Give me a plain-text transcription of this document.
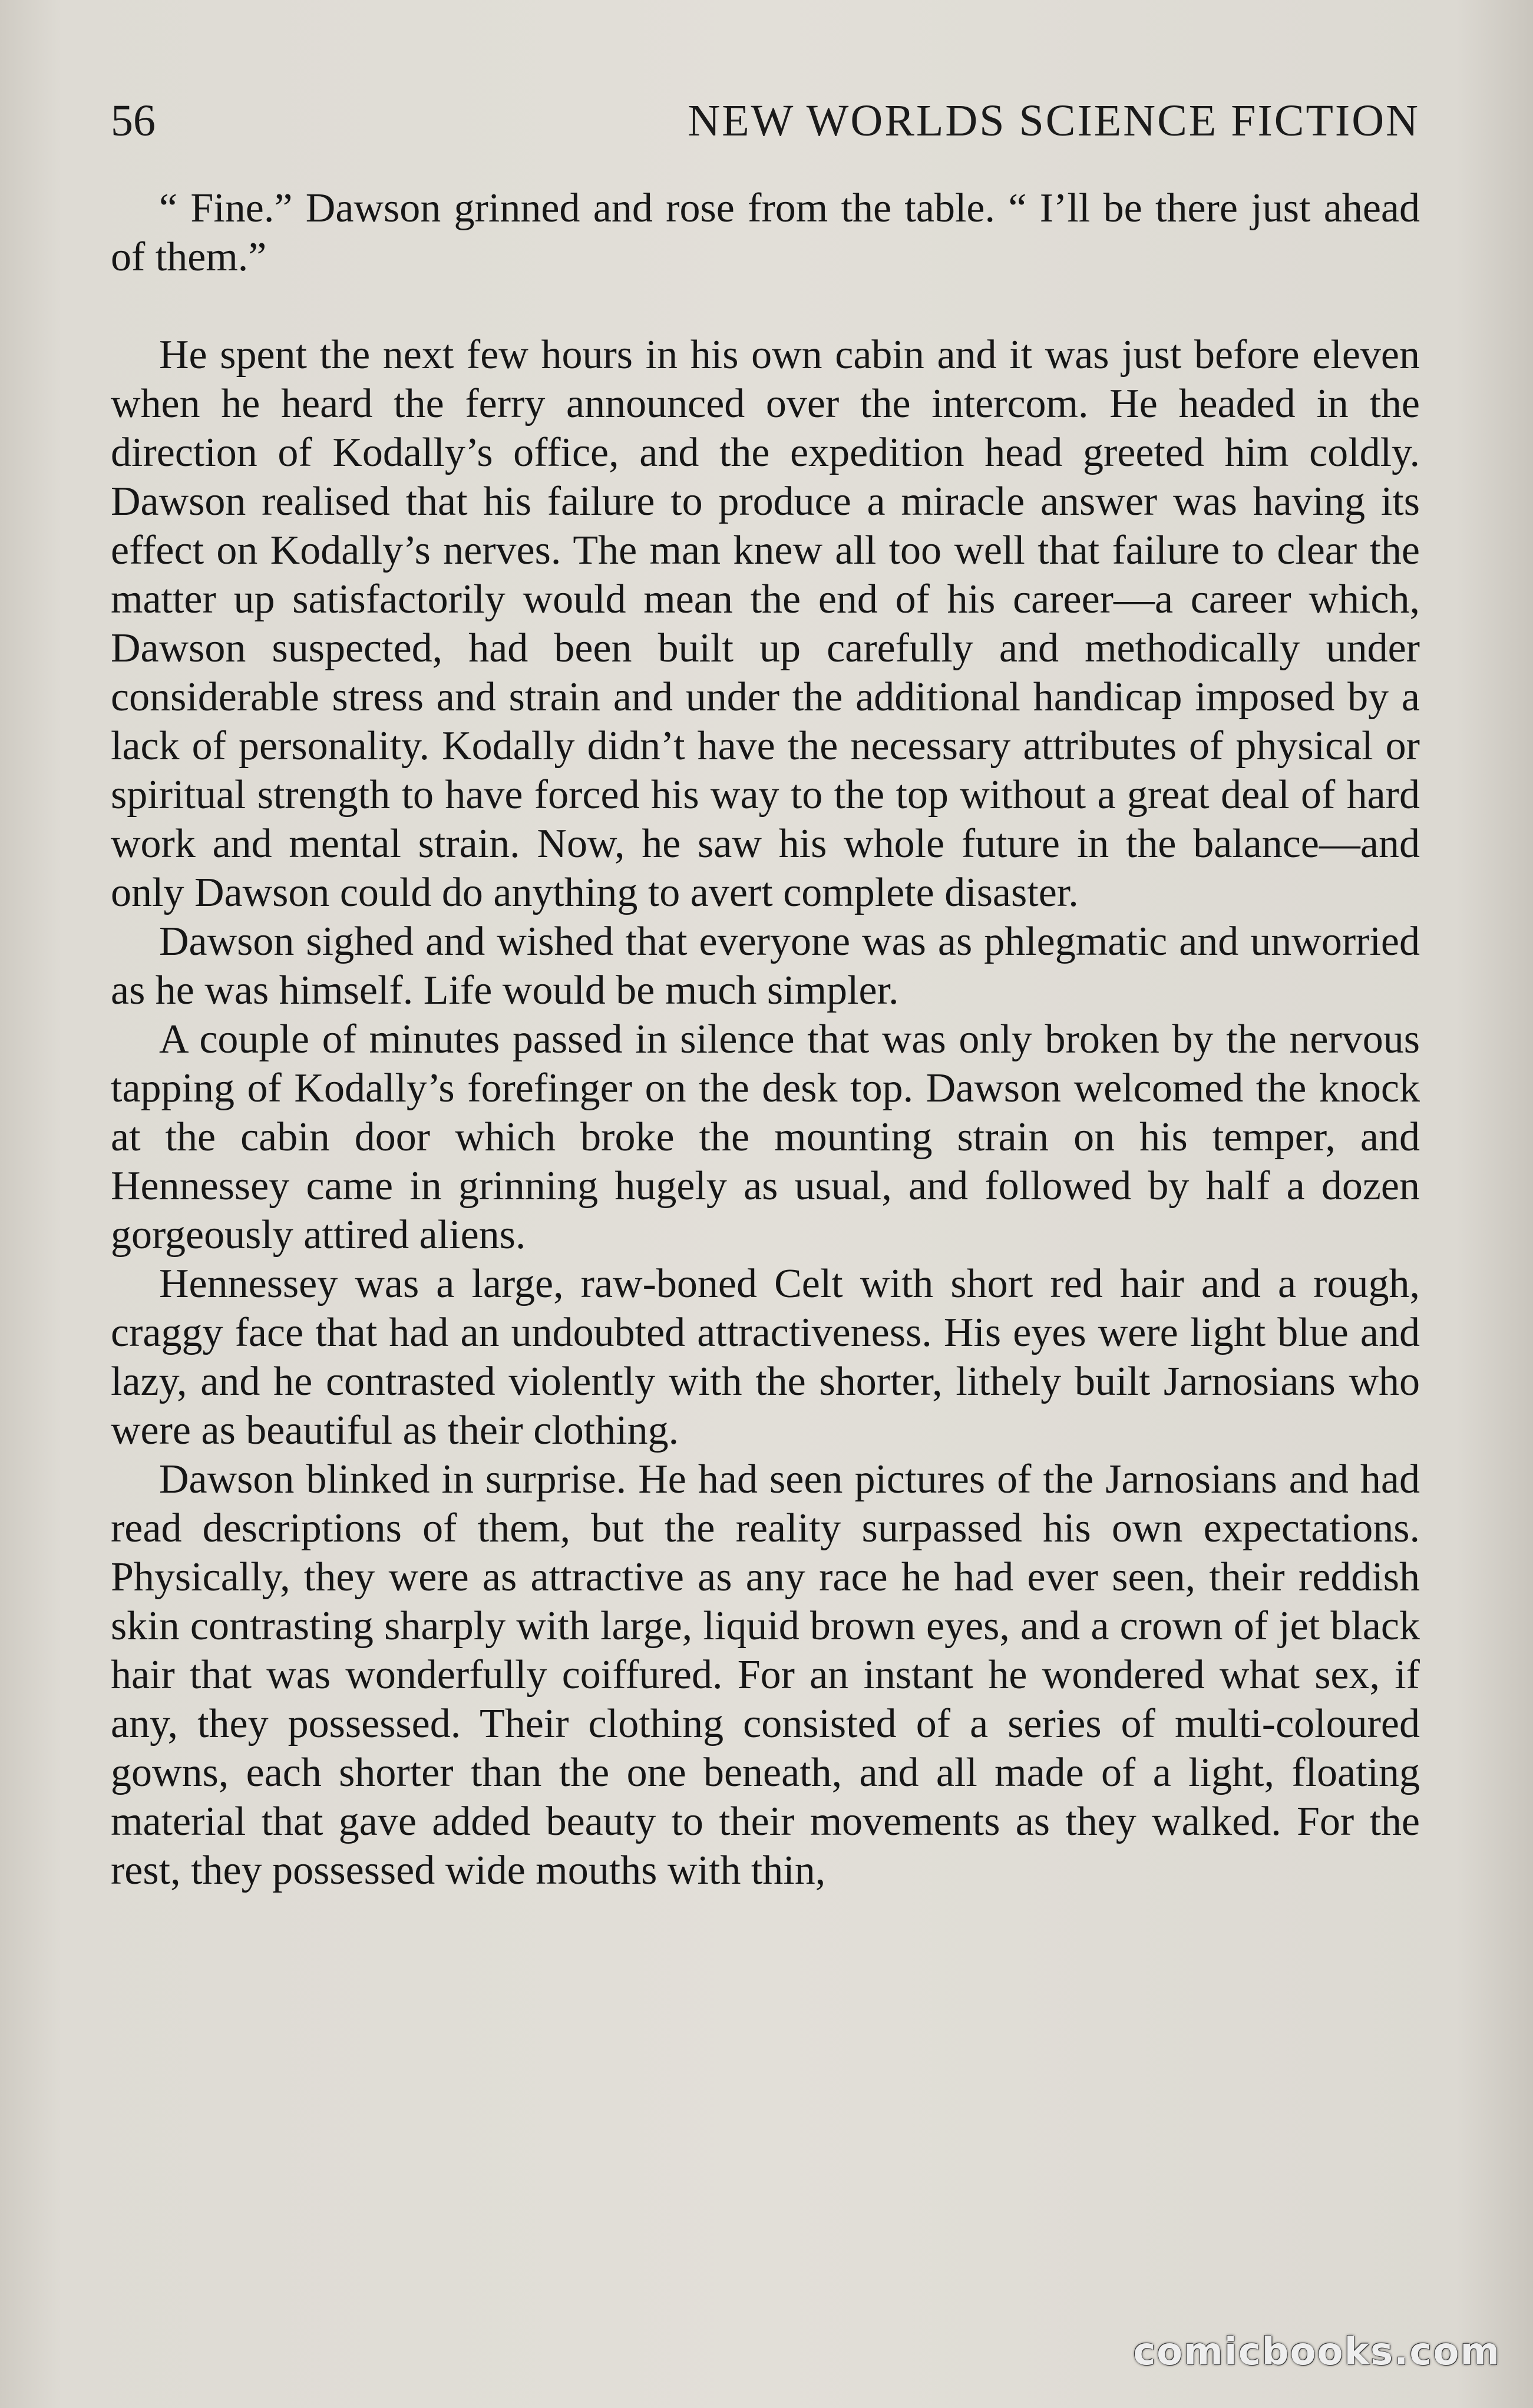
56	NEW WORLDS SCIENCE FICTION

“ Fine.” Dawson grinned and rose from the table. “ I’ll be there just ahead of them.”

He spent the next few hours in his own cabin and it was just before eleven when he heard the ferry announced over the intercom. He headed in the direction of Kodally’s office, and the expedition head greeted him coldly. Dawson realised that his failure to produce a miracle answer was having its effect on Kodally’s nerves. The man knew all too well that failure to clear the matter up satisfactorily would mean the end of his career—a career which, Dawson suspected, had been built up carefully and methodically under considerable stress and strain and under the additional handicap imposed by a lack of personality. Kodally didn’t have the necessary attributes of physical or spiritual strength to have forced his way to the top without a great deal of hard work and mental strain. Now, he saw his whole future in the balance—and only Dawson could do anything to avert complete disaster.

Dawson sighed and wished that everyone was as phlegmatic and unworried as he was himself. Life would be much simpler.

A couple of minutes passed in silence that was only broken by the nervous tapping of Kodally’s forefinger on the desk top. Dawson welcomed the knock at the cabin door which broke the mounting strain on his temper, and Hennessey came in grinning hugely as usual, and followed by half a dozen gorgeously attired aliens.

Hennessey was a large, raw-boned Celt with short red hair and a rough, craggy face that had an undoubted attractiveness. His eyes were light blue and lazy, and he contrasted violently with the shorter, lithely built Jarnosians who were as beautiful as their clothing.

Dawson blinked in surprise. He had seen pictures of the Jarnosians and had read descriptions of them, but the reality surpassed his own expectations. Physically, they were as attractive as any race he had ever seen, their reddish skin contrasting sharply with large, liquid brown eyes, and a crown of jet black hair that was wonderfully coiffured. For an instant he wondered what sex, if any, they possessed. Their clothing consisted of a series of multi-coloured gowns, each shorter than the one beneath, and all made of a light, floating material that gave added beauty to their movements as they walked. For the rest, they possessed wide mouths with thin,

comicbooks.com
